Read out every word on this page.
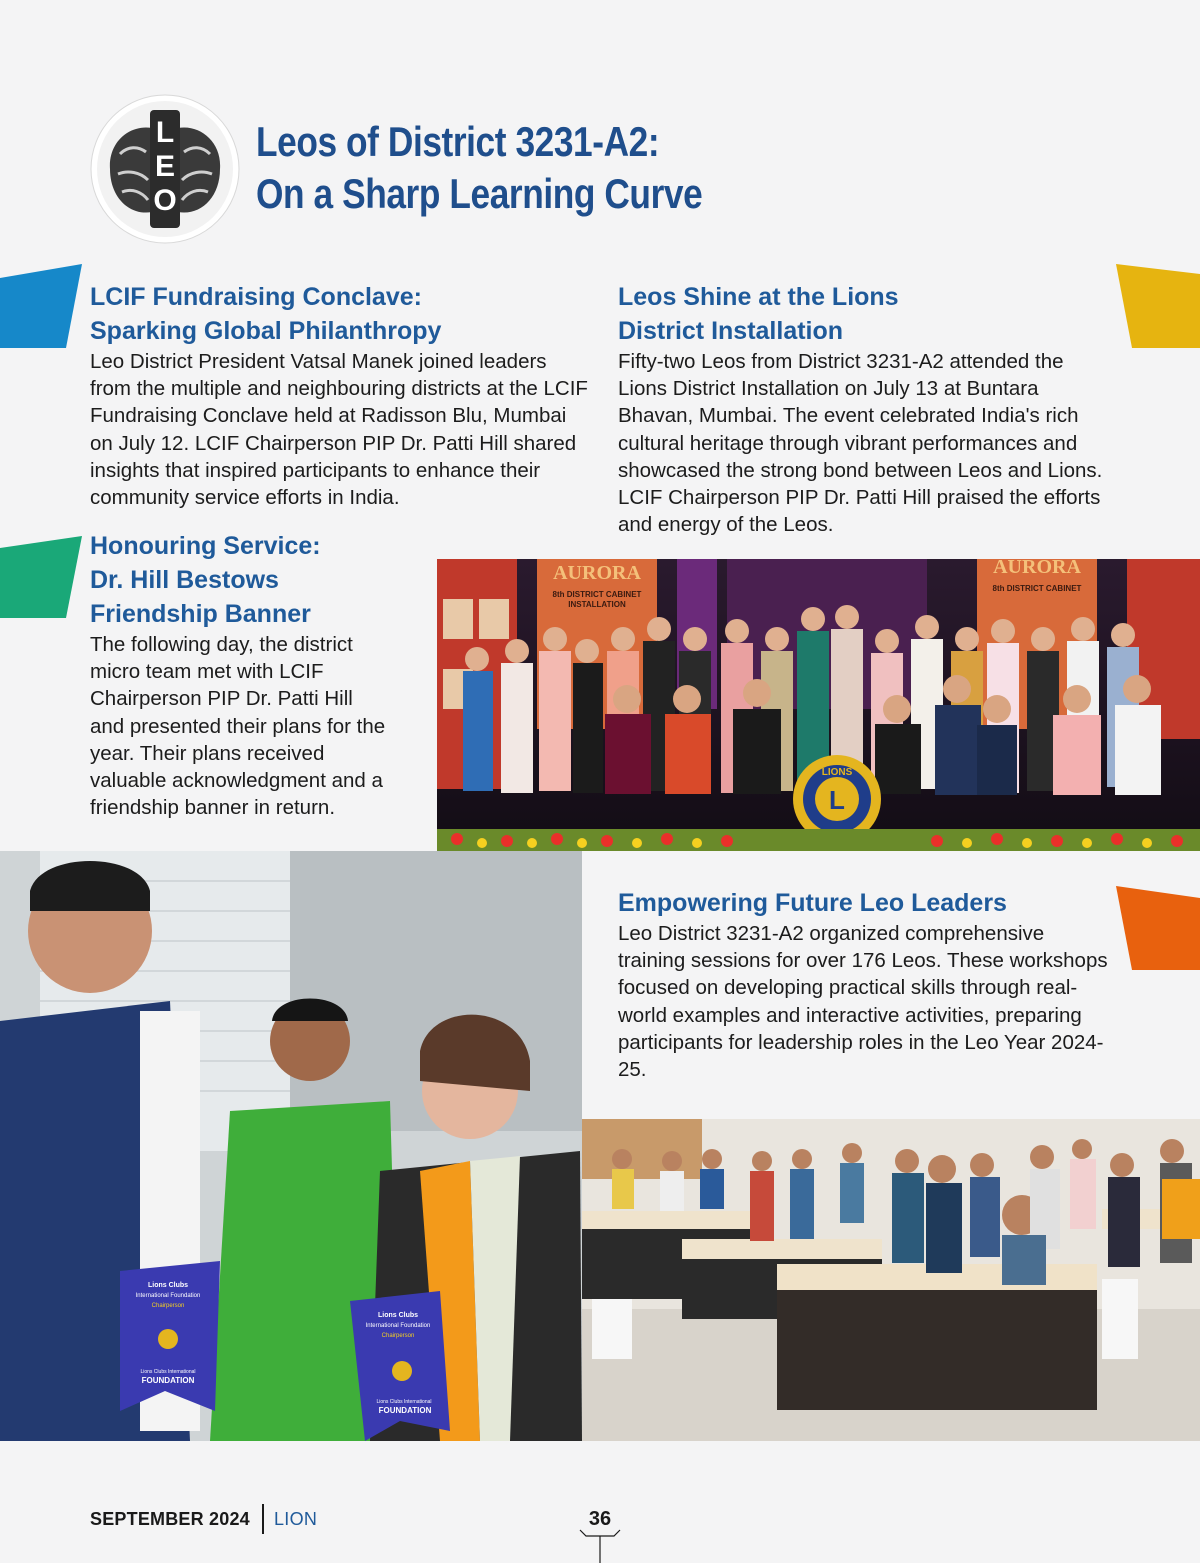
L
E
O
Leos of District 3231-A2:
On a Sharp Learning Curve
LCIF Fundraising Conclave:
Sparking Global Philanthropy

Leo District President Vatsal Manek joined leaders from the multiple and neighbouring districts at the LCIF Fundraising Conclave held at Radisson Blu, Mumbai on July 12. LCIF Chairperson PIP Dr. Patti Hill shared insights that inspired participants to enhance their community service efforts in India.

Leos Shine at the Lions
District Installation

Fifty-two Leos from District 3231-A2 attended the Lions District Installation on July 13 at Buntara Bhavan, Mumbai. The event celebrated India's rich cultural heritage through vibrant performances and showcased the strong bond between Leos and Lions. LCIF Chairperson PIP Dr. Patti Hill praised the efforts and energy of the Leos.

Honouring Service:
Dr. Hill Bestows
Friendship Banner

The following day, the district micro team met with LCIF Chairperson PIP Dr. Patti Hill and presented their plans for the year. Their plans received valuable acknowledgment and a friendship banner in return.

Empowering Future Leo Leaders

Leo District 3231-A2 organized comprehensive training sessions for over 176 Leos. These workshops focused on developing practical skills through real-world examples and interactive activities, preparing participants for leadership roles in the Leo Year 2024-25.

AURORA
8th DISTRICT CABINET
INSTALLATION
AURORA
8th DISTRICT CABINET
L
LIONS
Lions Clubs
International Foundation
Chairperson
Lions Clubs International
FOUNDATION
Lions Clubs
International Foundation
Chairperson
Lions Clubs International
FOUNDATION
SEPTEMBER 2024 LION	36
